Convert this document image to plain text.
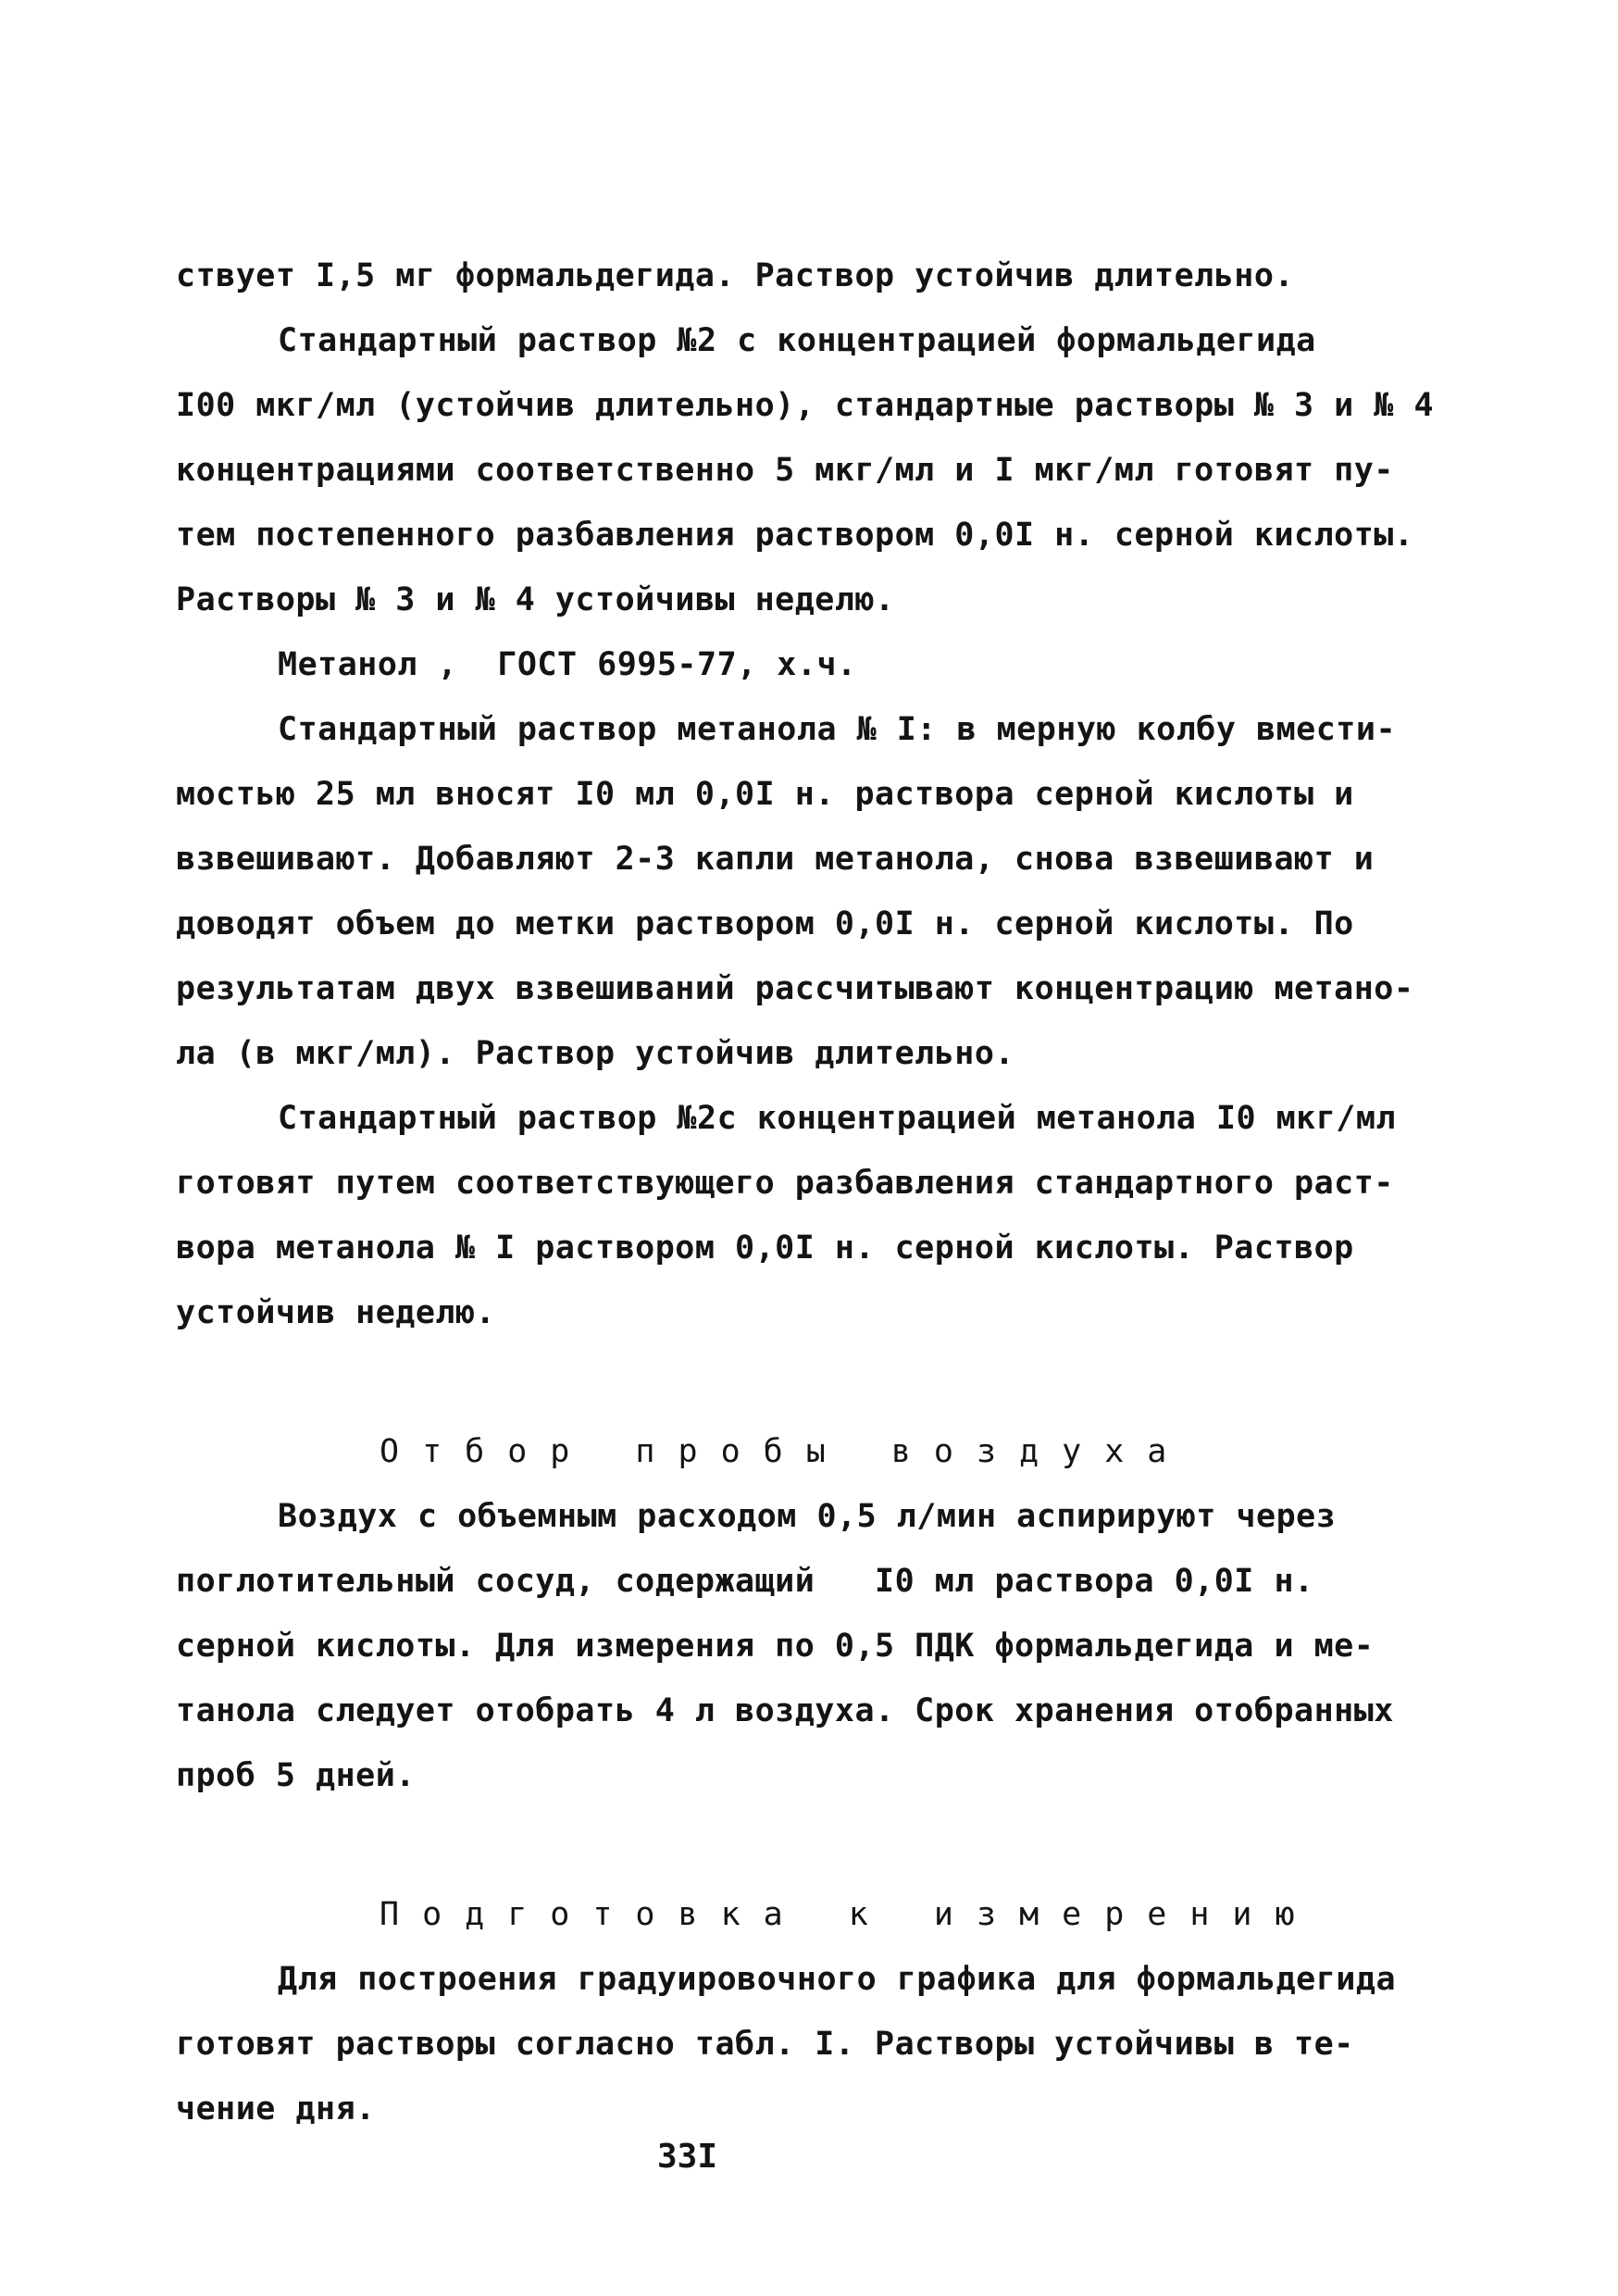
ствует I,5 мг формальдегида. Раствор устойчив длительно.
Стандартный раствор №2 с концентрацией формальдегида
I00 мкг/мл (устойчив длительно), стандартные растворы № 3 и № 4
концентрациями соответственно 5 мкг/мл и I мкг/мл готовят пу-
тем постепенного разбавления раствором 0,0I н. серной кислоты.
Растворы № 3 и № 4 устойчивы неделю.
Метанол ,  ГОСТ 6995-77, х.ч.
Стандартный раствор метанола № I: в мерную колбу вмести-
мостью 25 мл вносят I0 мл 0,0I н. раствора серной кислоты и
взвешивают. Добавляют 2-3 капли метанола, снова взвешивают и
доводят объем до метки раствором 0,0I н. серной кислоты. По
результатам двух взвешиваний рассчитывают концентрацию метано-
ла (в мкг/мл). Раствор устойчив длительно.
Стандартный раствор №2с концентрацией метанола I0 мкг/мл
готовят путем соответствующего разбавления стандартного раст-
вора метанола № I раствором 0,0I н. серной кислоты. Раствор
устойчив неделю.
Отбор пробы воздуха
Воздух с объемным расходом 0,5 л/мин аспирируют через
поглотительный сосуд, содержащий   I0 мл раствора 0,0I н.
серной кислоты. Для измерения по 0,5 ПДК формальдегида и ме-
танола следует отобрать 4 л воздуха. Срок хранения отобранных
проб 5 дней.
Подготовка к измерению
Для построения градуировочного графика для формальдегида
готовят растворы согласно табл. I. Растворы устойчивы в те-
чение дня.
33I
